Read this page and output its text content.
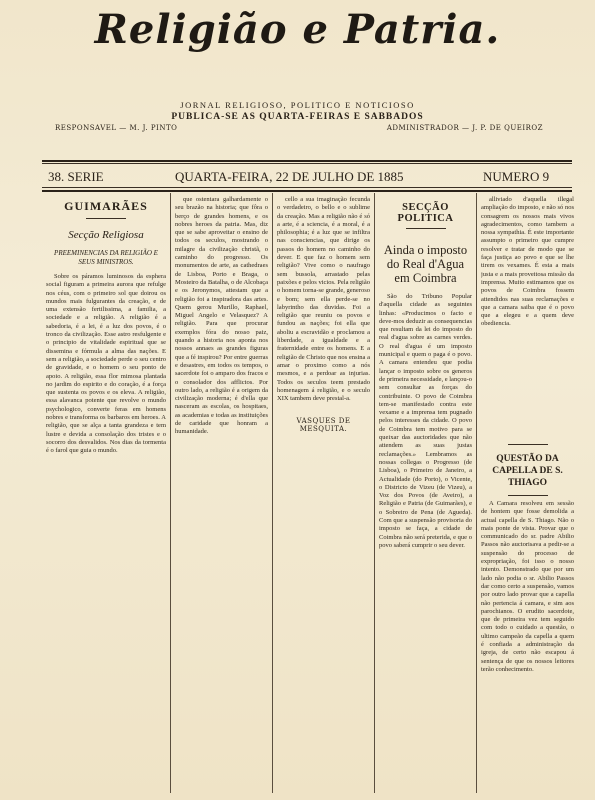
Religião e Patria.
JORNAL RELIGIOSO, POLITICO E NOTICIOSO
PUBLICA-SE AS QUARTA-FEIRAS E SABBADOS
RESPONSAVEL — M. J. PINTO	ADMINISTRADOR — J. P. DE QUEIROZ
38. SERIE	QUARTA-FEIRA, 22 DE JULHO DE 1885	NUMERO 9
GUIMARÃES
Secção Religiosa
PREEMINENCIAS DA RELIGIÃO E SEUS MINISTROS.

Sobre os páramos luminosos da esphera social figuram a primeira aurora que refulge nos céus, com o primeiro sol que doirou os mundos mais fulgurantes da creação, e de uma extensão fertilissima, a familia, a sociedade e a religião. A religião é a sabedoria, é a lei, é a luz dos povos, é o tronco da civilização. Esse astro resfulgente e o principio de vitalidade espiritual que se dissemina e fórmula a alma das nações. E sem a religião, a sociedade perde o seu centro de gravidade, e o homem o seu ponto de apoio. A religião, essa flor mimosa plantada no jardim do espirito e do coração, é a força que sustenta os povos e os eleva. A religião, essa alavanca potente que revolve o mundo psychologico, converte feras em homens nobres e transforma os barbaros em heroes. A religião, que se alça a tanta grandeza e tem lustre e devida a consolação dos tristes e o socorro dos desvalidos. Nos dias da tormenta é o farol que guia o mundo.

que ostentara galhardamente o seu brazão na historia; que fôra o berço de grandes homens, e os nobres heroes da patria. Mas, diz que se sabe aproveitar o ensino de todos os seculos, mostrando o milagre da civilização christã, o caminho do progresso. Os monumentos de arte, as cathedraes de Lisboa, Porto e Braga, o Mosteiro da Batalha, o de Alcobaça e os Jeronymos, attestam que a religião foi a inspiradora das artes. Quem gerou Murillo, Raphael, Miguel Angelo e Velasquez? A religião. Para que procurar exemplos fóra do nosso paiz, quando a historia nos aponta nos nossos annaes as grandes figuras que a fé inspirou? Por entre guerras e desastres, em todos os tempos, o sacerdote foi o amparo dos fracos e o consolador dos afflictos. Por outro lado, a religião é a origem da civilização moderna; é d'ella que nasceram as escolas, os hospitaes, as academias e todas as instituições de caridade que honram a humanidade.

cello a sua imaginação fecunda o verdadeiro, o bello e o sublime da creação. Mas a religião não é só a arte, é a sciencia, é a moral, é a philosophia; é a luz que se infiltra nas consciencias, que dirige os passos do homem no caminho do dever. E que faz o homem sem religião? Vive como o naufrago sem bussola, arrastado pelas paixões e pelos vicios. Pela religião o homem torna-se grande, generoso e bom; sem ella perde-se no labyrintho das duvidas. Foi a religião que reuniu os povos e fundou as nações; foi ella que aboliu a escravidão e proclamou a liberdade, a igualdade e a fraternidade entre os homens. E a religião de Christo que nos ensina a amar o proximo como a nós mesmos, e a perdoar as injurias. Todos os seculos teem prestado homenagem á religião, e o seculo XIX tambem deve prestal-a.

VASQUES DE MESQUITA.
SECÇÃO POLITICA
Ainda o imposto do Real d'Agua em Coimbra

São do Tribuno Popular d'aquella cidade as seguintes linhas: «Producimos o facto e deve-mos deduzir as consequencias que resultam da lei do imposto do real d'agua sobre as carnes verdes. O real d'agua é um imposto municipal e quem o paga é o povo. A camara entendeu que podia lançar o imposto sobre os generos de primeira necessidade, e lançou-o sem consultar as forças do contribuinte. O povo de Coimbra tem-se manifestado contra este vexame e a imprensa tem pugnado pelos interesses da cidade. O povo de Coimbra tem motivo para se queixar das auctoridades que não attendem as suas justas reclamações.» Lembramos as nossas collegas o Progresso (de Lisboa), o Primeiro de Janeiro, a Actualidade (do Porto), o Vicente, o Districto de Vizeu (de Vizeu), a Voz dos Povos (de Aveiro), a Religião e Patria (de Guimarães), e o Sobreiro de Pena (de Agueda). Com que a suspensão provisoria do imposto se faça, a cidade de Coimbra não será preterida, e que o povo saberá cumprir o seu dever.

alliviado d'aquella illegal ampliação do imposto, e não só nos consagrem os nossos mais vivos agradecimentos, como tambem a nossa sympathia. É este importante assumpto o primeiro que cumpre resolver e tratar de modo que se faça justiça ao povo e que se lhe tirem os vexames. É esta a mais justa e a mais proveitosa missão da imprensa. Muito estimamos que os povos de Coimbra fossem attendidos nas suas reclamações e que a camara saiba que é o povo que a elegeu e a quem deve obediencia.

QUESTÃO DA CAPELLA DE S. THIAGO

A Camara resolveu em sessão de hontem que fosse demolida a actual capella de S. Thiago. Não o mais ponte de vista. Provar que o communicado do sr. padre Abilio Passos não auctorisava a pedir-se a suspensão do processo de expropriação, foi isso o nosso intento. Demonstrado que por um lado não podia o sr. Abilio Passos dar como certo a suspensão, vamos por outro lado provar que a capella não pertencia á camara, e sim aos parochianos. O erudito sacerdote, que de primeira vez tem seguido com todo o cuidado a questão, o ultimo campeão da capella a quem é confiada a administração da igreja, de certo não escapou á sentença de que os nossos leitores terão conhecimento.
